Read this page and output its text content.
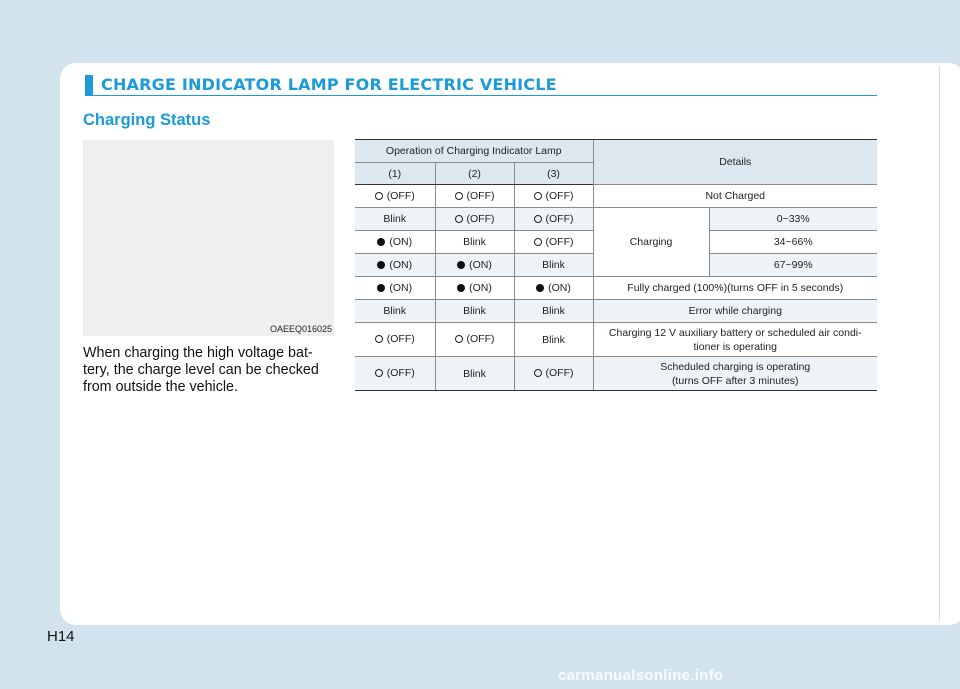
CHARGE INDICATOR LAMP FOR ELECTRIC VEHICLE
Charging Status
OAEEQ016025
When charging the high voltage bat-tery, the charge level can be checked from outside the vehicle.
Operation of Charging Indicator Lamp			Details	
(1)	(2)	(3)		

(OFF)	(OFF)	(OFF)	Not Charged	
Blink	(OFF)	(OFF)	Charging	0~33%

(ON)	Blink	(OFF)		34~66%

(ON)	(ON)	Blink		67~99%

(ON)	(ON)	(ON)	Fully charged (100%)(turns OFF in 5 seconds)	
Blink	Blink	Blink	Error while charging	

(OFF)	(OFF)	Blink	Charging 12 V auxiliary battery or scheduled air condi-
tioner is operating	

(OFF)	Blink	(OFF)	Scheduled charging is operating
(turns OFF after 3 minutes)	
H14
carmanualsonline.info
